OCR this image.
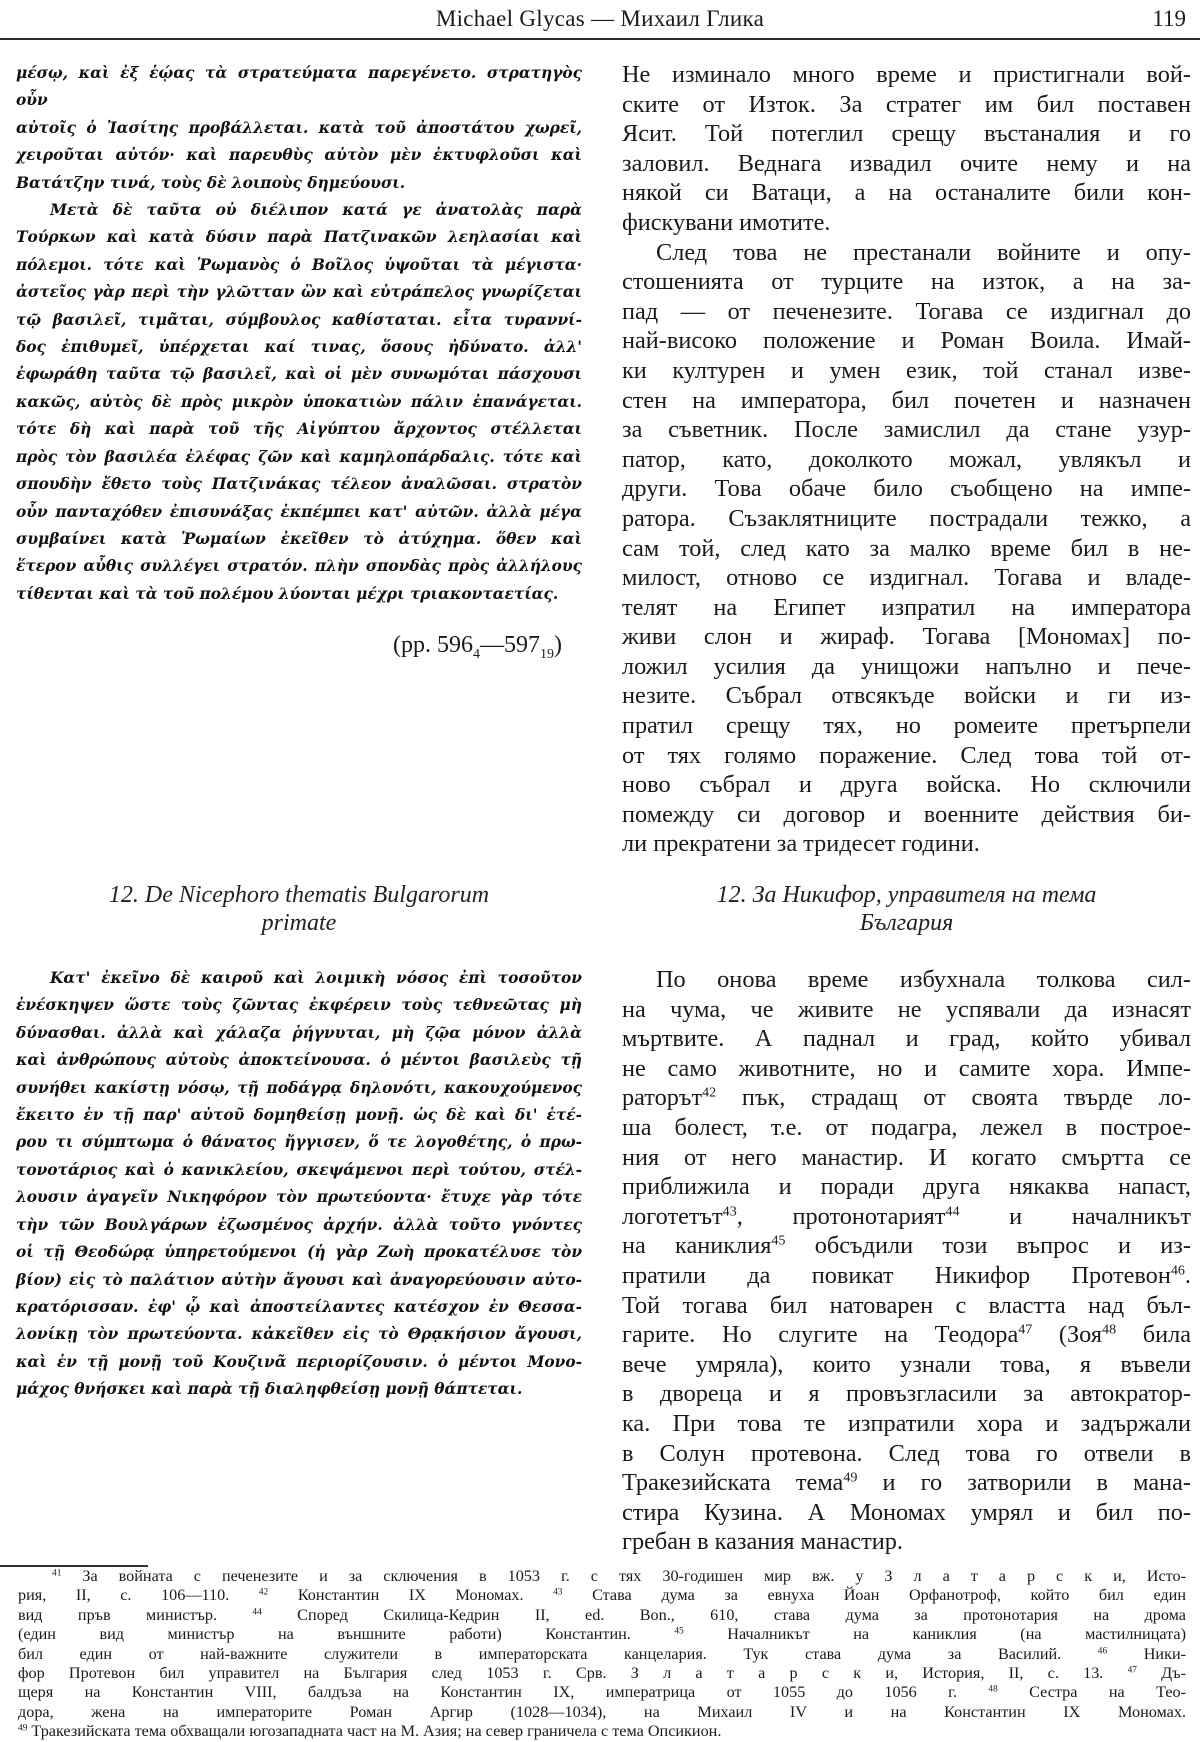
Michael Glycas — Михаил Глика	119
μέσῳ, καὶ ἐξ ἑῴας τὰ στρατεύματα παρεγένετο. στρατηγὸς οὖν
αὐτοῖς ὁ Ἰασίτης προβάλλεται. κατὰ τοῦ ἀποστάτου χωρεῖ,
χειροῦται αὐτόν· καὶ παρευθὺς αὐτὸν μὲν ἐκτυφλοῦσι καὶ
Βατάτζην τινά, τοὺς δὲ λοιποὺς δημεύουσι.
Μετὰ δὲ ταῦτα οὐ διέλιπον κατά γε ἀνατολὰς παρὰ
Τούρκων καὶ κατὰ δύσιν παρὰ Πατζινακῶν λεηλασίαι καὶ
πόλεμοι. τότε καὶ Ῥωμανὸς ὁ Βοῖλος ὑψοῦται τὰ μέγιστα·
ἀστεῖος γὰρ περὶ τὴν γλῶτταν ὢν καὶ εὐτράπελος γνωρίζεται
τῷ βασιλεῖ, τιμᾶται, σύμβουλος καθίσταται. εἶτα τυραννί-
δος ἐπιθυμεῖ, ὑπέρχεται καί τινας, ὅσους ἠδύνατο. ἀλλ'
ἐφωράθη ταῦτα τῷ βασιλεῖ, καὶ οἱ μὲν συνωμόται πάσχουσι
κακῶς, αὐτὸς δὲ πρὸς μικρὸν ὑποκατιὼν πάλιν ἐπανάγεται.
τότε δὴ καὶ παρὰ τοῦ τῆς Αἰγύπτου ἄρχοντος στέλλεται
πρὸς τὸν βασιλέα ἐλέφας ζῶν καὶ καμηλοπάρδαλις. τότε καὶ
σπουδὴν ἔθετο τοὺς Πατζινάκας τέλεον ἀναλῶσαι. στρατὸν
οὖν πανταχόθεν ἐπισυνάξας ἐκπέμπει κατ' αὐτῶν. ἀλλὰ μέγα
συμβαίνει κατὰ Ῥωμαίων ἐκεῖθεν τὸ ἀτύχημα. ὅθεν καὶ
ἕτερον αὖθις συλλέγει στρατόν. πλὴν σπονδὰς πρὸς ἀλλήλους
τίθενται καὶ τὰ τοῦ πολέμου λύονται μέχρι τριακονταετίας.
(pp. $596_4—597_{19}$)
Не изминало много време и пристигнали вой-
ските от Изток. За стратег им бил поставен
Ясит. Той потеглил срещу въстаналия и го
заловил. Веднага извадил очите нему и на
някой си Ватаци, а на останалите били кон-
фискувани имотите.
След това не престанали войните и опу-
стошенията от турците на изток, а на за-
пад — от печенезите. Тогава се издигнал до
най-високо положение и Роман Воила. Имай-
ки културен и умен език, той станал изве-
стен на императора, бил почетен и назначен
за съветник. После замислил да стане узур-
патор, като, доколкото можал, увлякъл и
други. Това обаче било съобщено на импе-
ратора. Съзаклятниците пострадали тежко, а
сам той, след като за малко време бил в не-
милост, отново се издигнал. Тогава и владе-
телят на Египет изпратил на императора
живи слон и жираф. Тогава [Мономах] по-
ложил усилия да унищожи напълно и пече-
незите. Събрал отвсякъде войски и ги из-
пратил срещу тях, но ромеите претърпели
от тях голямо поражение. След това той от-
ново събрал и друга войска. Но сключили
помежду си договор и военните действия би-
ли прекратени за тридесет години.
12. De Nicephoro thematis Bulgarorum
primate
12. За Никифор, управителя на тема
България
Κατ' ἐκεῖνο δὲ καιροῦ καὶ λοιμικὴ νόσος ἐπὶ τοσοῦτον
ἐνέσκηψεν ὥστε τοὺς ζῶντας ἐκφέρειν τοὺς τεθνεῶτας μὴ
δύνασθαι. ἀλλὰ καὶ χάλαζα ῥήγνυται, μὴ ζῷα μόνον ἀλλὰ
καὶ ἀνθρώπους αὐτοὺς ἀποκτείνουσα. ὁ μέντοι βασιλεὺς τῇ
συνήθει κακίστῃ νόσῳ, τῇ ποδάγρᾳ δηλονότι, κακουχούμενος
ἔκειτο ἐν τῇ παρ' αὐτοῦ δομηθείσῃ μονῇ. ὡς δὲ καὶ δι' ἑτέ-
ρου τι σύμπτωμα ὁ θάνατος ἤγγισεν, ὅ τε λογοθέτης, ὁ πρω-
τονοτάριος καὶ ὁ κανικλείου, σκεψάμενοι περὶ τούτου, στέλ-
λουσιν ἀγαγεῖν Νικηφόρον τὸν πρωτεύοντα· ἔτυχε γὰρ τότε
τὴν τῶν Βουλγάρων ἐζωσμένος ἀρχήν. ἀλλὰ τοῦτο γνόντες
οἱ τῇ Θεοδώρᾳ ὑπηρετούμενοι (ἡ γὰρ Ζωὴ προκατέλυσε τὸν
βίον) εἰς τὸ παλάτιον αὐτὴν ἄγουσι καὶ ἀναγορεύουσιν αὐτο-
κρατόρισσαν. ἐφ' ᾧ καὶ ἀποστείλαντες κατέσχον ἐν Θεσσα-
λονίκῃ τὸν πρωτεύοντα. κἀκεῖθεν εἰς τὸ Θρᾳκήσιον ἄγουσι,
καὶ ἐν τῇ μονῇ τοῦ Κουζινᾶ περιορίζουσιν. ὁ μέντοι Μονο-
μάχος θνήσκει καὶ παρὰ τῇ διαληφθείσῃ μονῇ θάπτεται.
По онова време избухнала толкова сил-
на чума, че живите не успявали да изнасят
мъртвите. А паднал и град, който убивал
не само животните, но и самите хора. Импе-
раторът$^{42}$ пък, страдащ от своята твърде ло-
ша болест, т.е. от подагра, лежел в построе-
ния от него манастир. И когато смъртта се
приближила и поради друга някаква напаст,
логотетът$^{43}$, протонотарият$^{44}$ и началникът
на каниклия$^{45}$ обсъдили този въпрос и из-
пратили да повикат Никифор Протевон$^{46}$.
Той тогава бил натоварен с властта над бъл-
гарите. Но слугите на Теодора$^{47}$ (Зоя$^{48}$ била
вече умряла), които узнали това, я въвели
в двореца и я провъзгласили за автократор-
ка. При това те изпратили хора и задържали
в Солун протевона. След това го отвели в
Тракезийската тема$^{49}$ и го затворили в мана-
стира Кузина. А Мономах умрял и бил по-
гребан в казания манастир.
$^{41}$ За войната с печенезите и за сключения в 1053 г. с тях 30-годишен мир вж. у З л а т а р с к и, Исто-
рия, II, с. 106—110. $^{42}$ Константин IX Мономах. $^{43}$ Става дума за евнуха Йоан Орфанотроф, който бил един
вид пръв министър. $^{44}$ Според Скилица-Кедрин II, ed. Bon., 610, става дума за протонотария на дрома
(един вид министър на външните работи) Константин. $^{45}$ Началникът на каниклия (на мастилницата)
бил един от най-важните служители в императорската канцелария. Тук става дума за Василий. $^{46}$ Ники-
фор Протевон бил управител на България след 1053 г. Срв. З л а т а р с к и, История, II, с. 13. $^{47}$ Дъ-
щеря на Константин VIII, балдъза на Константин IX, императрица от 1055 до 1056 г. $^{48}$ Сестра на Тео-
дора, жена на императорите Роман Аргир (1028—1034), на Михаил IV и на Константин IX Мономах.
$^{49}$ Тракезийската тема обхващали югозападната част на М. Азия; на север граничела с тема Опсикион.
